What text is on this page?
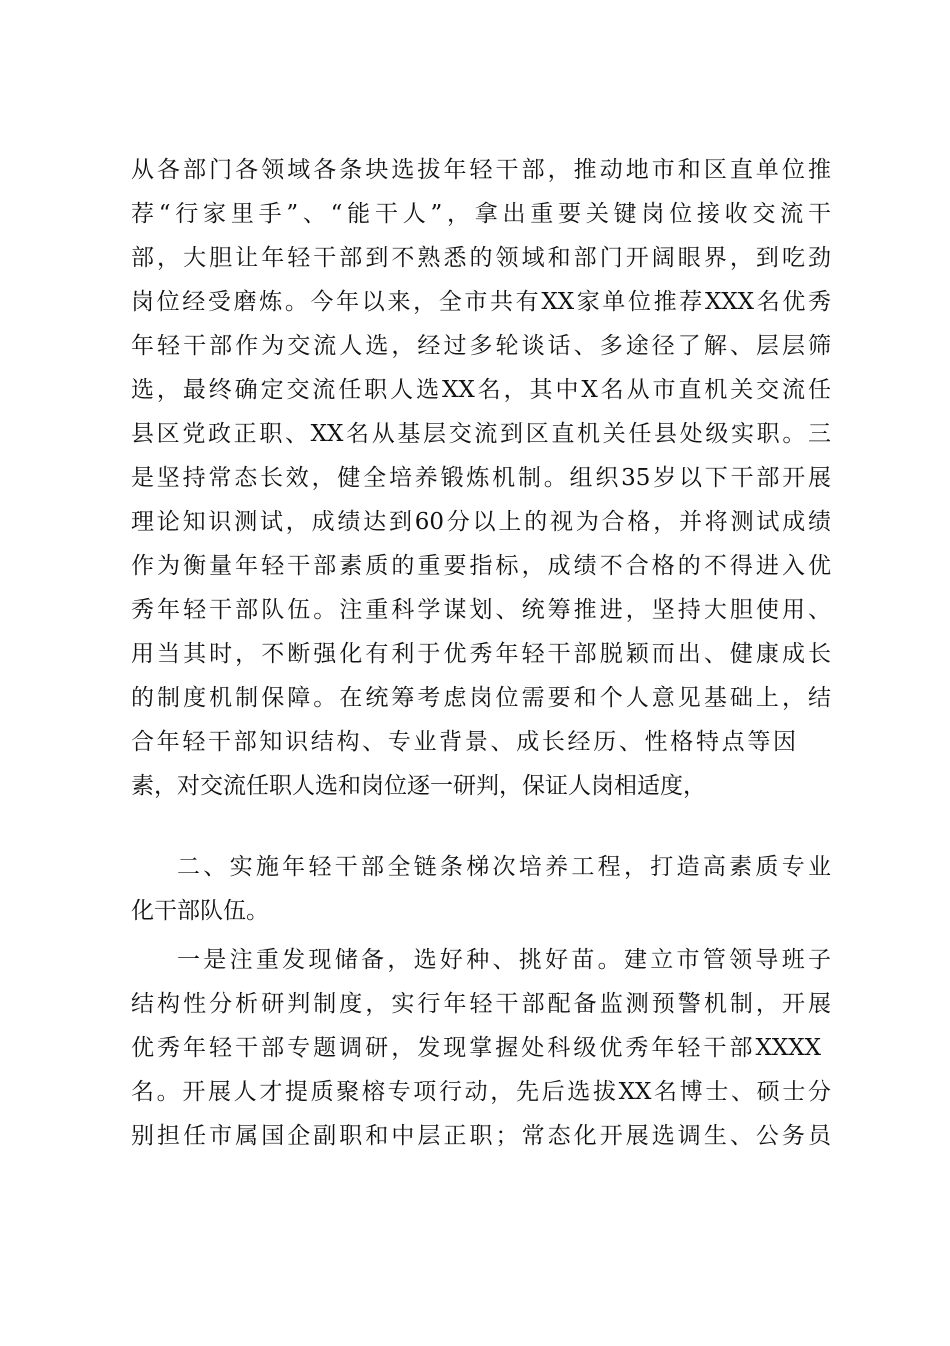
从各部门各领域各条块选拔年轻干部，推动地市和区直单位推
荐“行家里手”、“能干人”，拿出重要关键岗位接收交流干
部，大胆让年轻干部到不熟悉的领域和部门开阔眼界，到吃劲
岗位经受磨炼。今年以来，全市共有XX家单位推荐XXX名优秀
年轻干部作为交流人选，经过多轮谈话、多途径了解、层层筛
选，最终确定交流任职人选XX名，其中X名从市直机关交流任
县区党政正职、XX名从基层交流到区直机关任县处级实职。三
是坚持常态长效，健全培养锻炼机制。组织35岁以下干部开展
理论知识测试，成绩达到60分以上的视为合格，并将测试成绩
作为衡量年轻干部素质的重要指标，成绩不合格的不得进入优
秀年轻干部队伍。注重科学谋划、统筹推进，坚持大胆使用、
用当其时，不断强化有利于优秀年轻干部脱颖而出、健康成长
的制度机制保障。在统筹考虑岗位需要和个人意见基础上，结
合年轻干部知识结构、专业背景、成长经历、性格特点等因
素，对交流任职人选和岗位逐一研判，保证人岗相适度，
二、实施年轻干部全链条梯次培养工程，打造高素质专业
化干部队伍。
一是注重发现储备，选好种、挑好苗。建立市管领导班子
结构性分析研判制度，实行年轻干部配备监测预警机制，开展
优秀年轻干部专题调研，发现掌握处科级优秀年轻干部XXXX
名。开展人才提质聚榕专项行动，先后选拔XX名博士、硕士分
别担任市属国企副职和中层正职；常态化开展选调生、公务员
